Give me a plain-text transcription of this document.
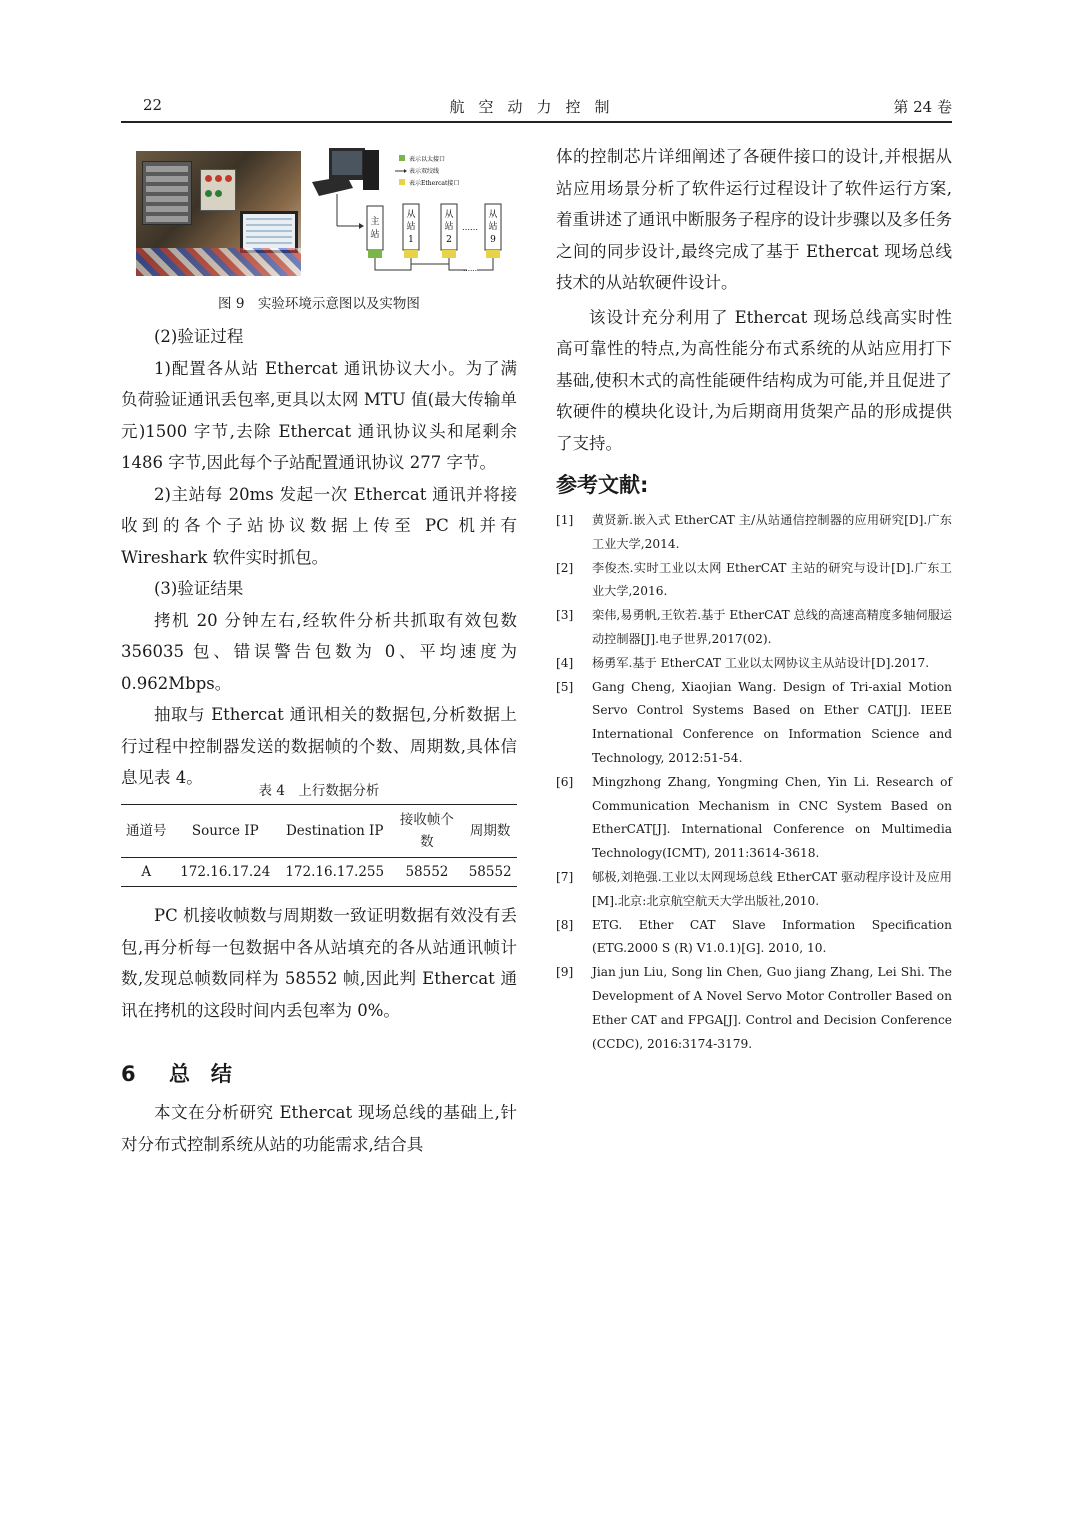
22	航空动力控制	第 24 卷
表示以太接口
表示双绞线
表示Ethercat接口
主
站
从
站
1
从
站
2
……
从
站
9
……
图 9　实验环境示意图以及实物图

(2)验证过程

1)配置各从站 Ethercat 通讯协议大小。为了满负荷验证通讯丢包率,更具以太网 MTU 值(最大传输单元)1500 字节,去除 Ethercat 通讯协议头和尾剩余 1486 字节,因此每个子站配置通讯协议 277 字节。

2)主站每 20ms 发起一次 Ethercat 通讯并将接收到的各个子站协议数据上传至 PC 机并有 Wireshark 软件实时抓包。

(3)验证结果

拷机 20 分钟左右,经软件分析共抓取有效包数 356035 包、错误警告包数为 0、平均速度为 0.962Mbps。

抽取与 Ethercat 通讯相关的数据包,分析数据上行过程中控制器发送的数据帧的个数、周期数,具体信息见表 4。

表 4　上行数据分析
通道号	Source IP	Destination IP	接收帧个数	周期数
A	172.16.17.24	172.16.17.255	58552	58552

PC 机接收帧数与周期数一致证明数据有效没有丢包,再分析每一包数据中各从站填充的各从站通讯帧计数,发现总帧数同样为 58552 帧,因此判 Ethercat 通讯在拷机的这段时间内丢包率为 0%。

6 总　结

本文在分析研究 Ethercat 现场总线的基础上,针对分布式控制系统从站的功能需求,结合具

体的控制芯片详细阐述了各硬件接口的设计,并根据从站应用场景分析了软件运行过程设计了软件运行方案,着重讲述了通讯中断服务子程序的设计步骤以及多任务之间的同步设计,最终完成了基于 Ethercat 现场总线技术的从站软硬件设计。

该设计充分利用了 Ethercat 现场总线高实时性高可靠性的特点,为高性能分布式系统的从站应用打下基础,使积木式的高性能硬件结构成为可能,并且促进了软硬件的模块化设计,为后期商用货架产品的形成提供了支持。

参考文献:

[1] 黄贤新.嵌入式 EtherCAT 主/从站通信控制器的应用研究[D].广东工业大学,2014.

[2] 李俊杰.实时工业以太网 EtherCAT 主站的研究与设计[D].广东工业大学,2016.

[3] 栾伟,易勇帆,王钦若.基于 EtherCAT 总线的高速高精度多轴伺服运动控制器[J].电子世界,2017(02).

[4] 杨勇军.基于 EtherCAT 工业以太网协议主从站设计[D].2017.

[5] Gang Cheng, Xiaojian Wang. Design of Tri-axial Motion Servo Control Systems Based on Ether CAT[J]. IEEE International Conference on Information Science and Technology, 2012:51-54.

[6] Mingzhong Zhang, Yongming Chen, Yin Li. Research of Communication Mechanism in CNC System Based on EtherCAT[J]. International Conference on Multimedia Technology(ICMT), 2011:3614-3618.

[7] 郇极,刘艳强.工业以太网现场总线 EtherCAT 驱动程序设计及应用[M].北京:北京航空航天大学出版社,2010.

[8] ETG. Ether CAT Slave Information Specification (ETG.2000 S (R) V1.0.1)[G]. 2010, 10.

[9] Jian jun Liu, Song lin Chen, Guo jiang Zhang, Lei Shi. The Development of A Novel Servo Motor Controller Based on Ether CAT and FPGA[J]. Control and Decision Conference (CCDC), 2016:3174-3179.
